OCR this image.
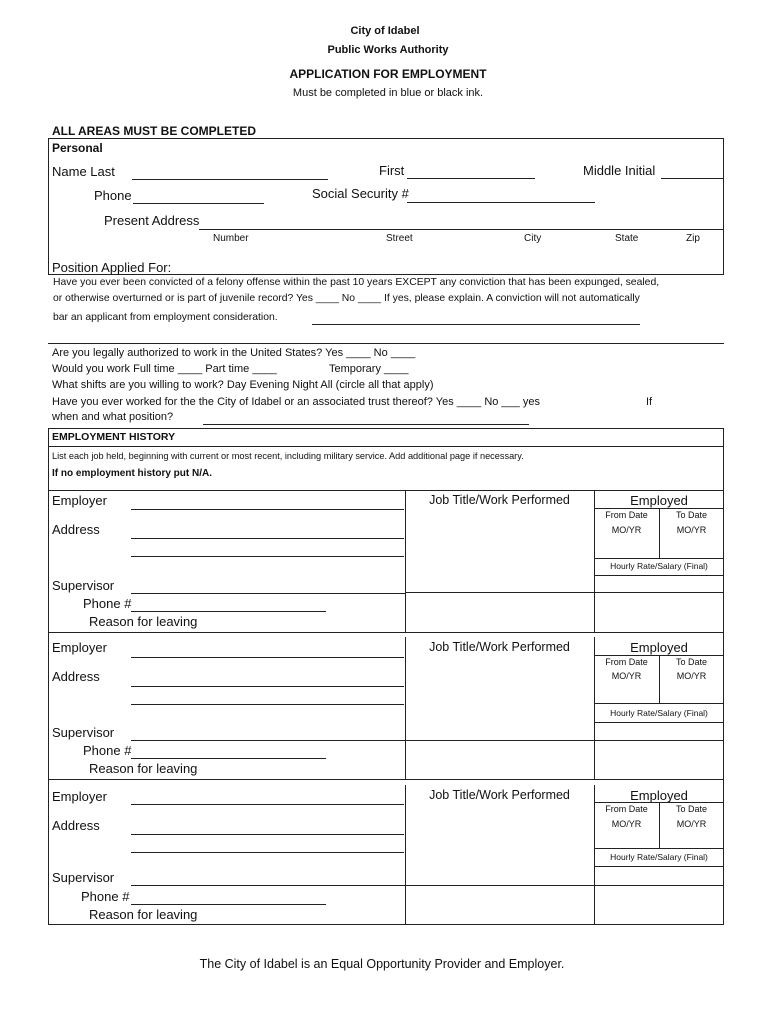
City of Idabel
Public Works Authority
APPLICATION FOR EMPLOYMENT
Must be completed in blue or black ink.
ALL AREAS MUST BE COMPLETED
Personal
Name Last	First	Middle Initial
Phone	Social Security #
Present Address
Number	Street	City	State	Zip
Position Applied For:
Have you ever been convicted of a felony offense within the past 10 years EXCEPT any conviction that has been expunged, sealed,
or otherwise overturned or is part of juvenile record? Yes ____ No ____ If yes, please explain. A conviction will not automatically
bar an applicant from employment consideration.
Are you legally authorized to work in the United States? Yes ____ No ____
Would you work Full time ____ Part time ____	Temporary ____
What shifts are you willing to work? Day Evening Night All (circle all that apply)
Have you ever worked for the the City of Idabel or an associated trust thereof? Yes ____ No ___ yes	If
when and what position?
EMPLOYMENT HISTORY
List each job held, beginning with current or most recent, including military service. Add additional page if necessary.
If no employment history put N/A.
Employer
Address
Job Title/Work Performed	Employed
From Date	To Date
MO/YR	MO/YR
Hourly Rate/Salary (Final)
Supervisor
Phone #
Reason for leaving
Employer
Address
Job Title/Work Performed	Employed
From Date	To Date
MO/YR	MO/YR
Hourly Rate/Salary (Final)
Supervisor
Phone #
Reason for leaving
Employer
Address
Job Title/Work Performed	Employed
From Date	To Date
MO/YR	MO/YR
Hourly Rate/Salary (Final)
Supervisor
Phone #
Reason for leaving
The City of Idabel is an Equal Opportunity Provider and Employer.
